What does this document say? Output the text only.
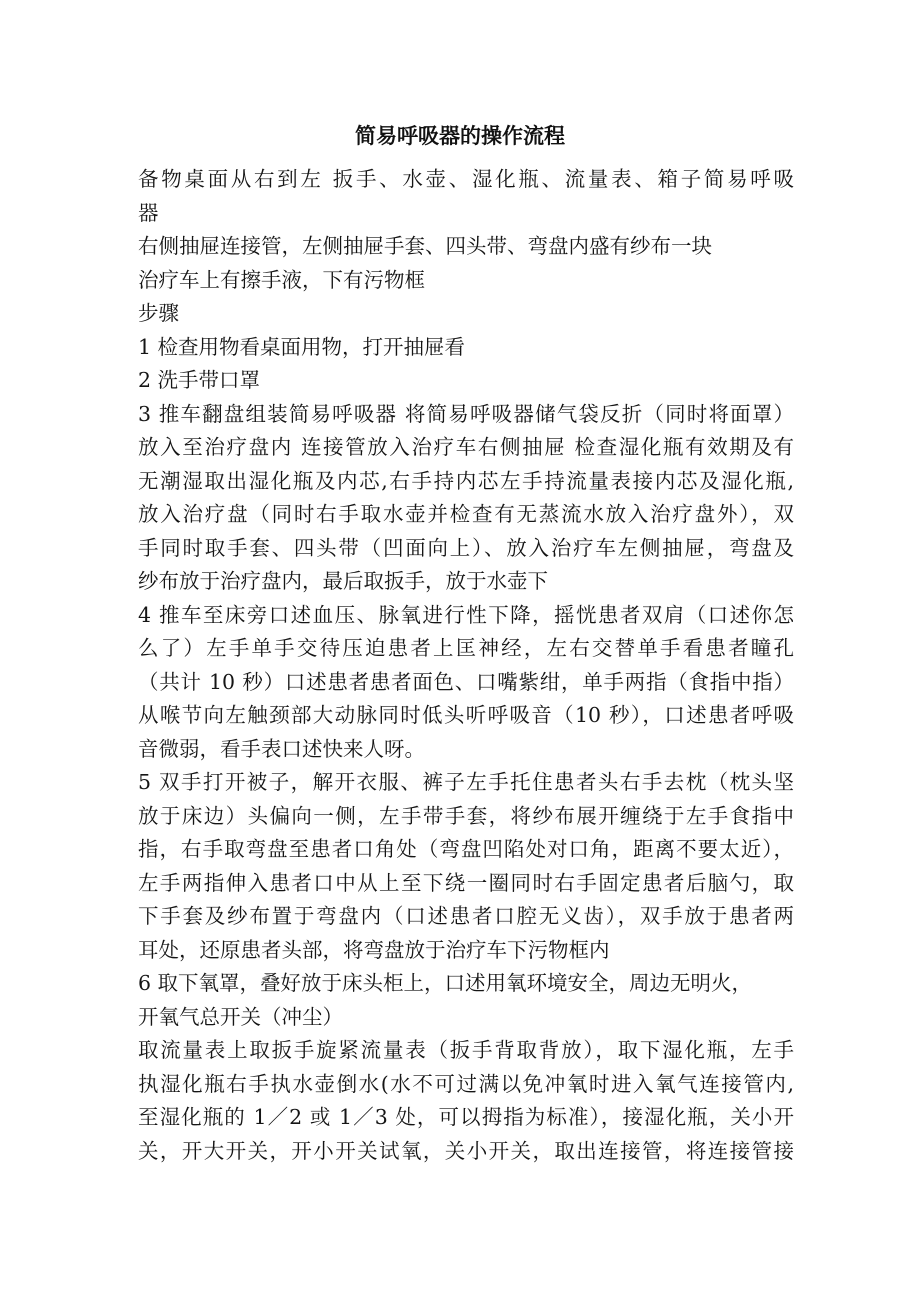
简易呼吸器的操作流程
备物桌面从右到左 扳手、水壶、湿化瓶、流量表、箱子简易呼吸
器
右侧抽屉连接管，左侧抽屉手套、四头带、弯盘内盛有纱布一块
治疗车上有擦手液，下有污物框
步骤
1 检查用物看桌面用物，打开抽屉看
2 洗手带口罩
3 推车翻盘组装简易呼吸器 将简易呼吸器储气袋反折（同时将面罩）
放入至治疗盘内 连接管放入治疗车右侧抽屉 检查湿化瓶有效期及有
无潮湿取出湿化瓶及内芯,右手持内芯左手持流量表接内芯及湿化瓶,
放入治疗盘（同时右手取水壶并检查有无蒸流水放入治疗盘外），双
手同时取手套、四头带（凹面向上）、放入治疗车左侧抽屉，弯盘及
纱布放于治疗盘内，最后取扳手，放于水壶下
4 推车至床旁口述血压、脉氧进行性下降，摇恍患者双肩（口述你怎
么了）左手单手交待压迫患者上匡神经，左右交替单手看患者瞳孔
（共计 10 秒）口述患者患者面色、口嘴紫绀，单手两指（食指中指）
从喉节向左触颈部大动脉同时低头听呼吸音（10 秒），口述患者呼吸
音微弱，看手表口述快来人呀。
5 双手打开被子，解开衣服、裤子左手托住患者头右手去枕（枕头坚
放于床边）头偏向一侧，左手带手套，将纱布展开缠绕于左手食指中
指，右手取弯盘至患者口角处（弯盘凹陷处对口角，距离不要太近），
左手两指伸入患者口中从上至下绕一圈同时右手固定患者后脑勺，取
下手套及纱布置于弯盘内（口述患者口腔无义齿），双手放于患者两
耳处，还原患者头部，将弯盘放于治疗车下污物框内
6 取下氧罩，叠好放于床头柜上，口述用氧环境安全，周边无明火，
开氧气总开关（冲尘）
取流量表上取扳手旋紧流量表（扳手背取背放），取下湿化瓶，左手
执湿化瓶右手执水壶倒水(水不可过满以免冲氧时进入氧气连接管内,
至湿化瓶的 1／2 或 1／3 处，可以拇指为标准），接湿化瓶，关小开
关，开大开关，开小开关试氧，关小开关，取出连接管，将连接管接
